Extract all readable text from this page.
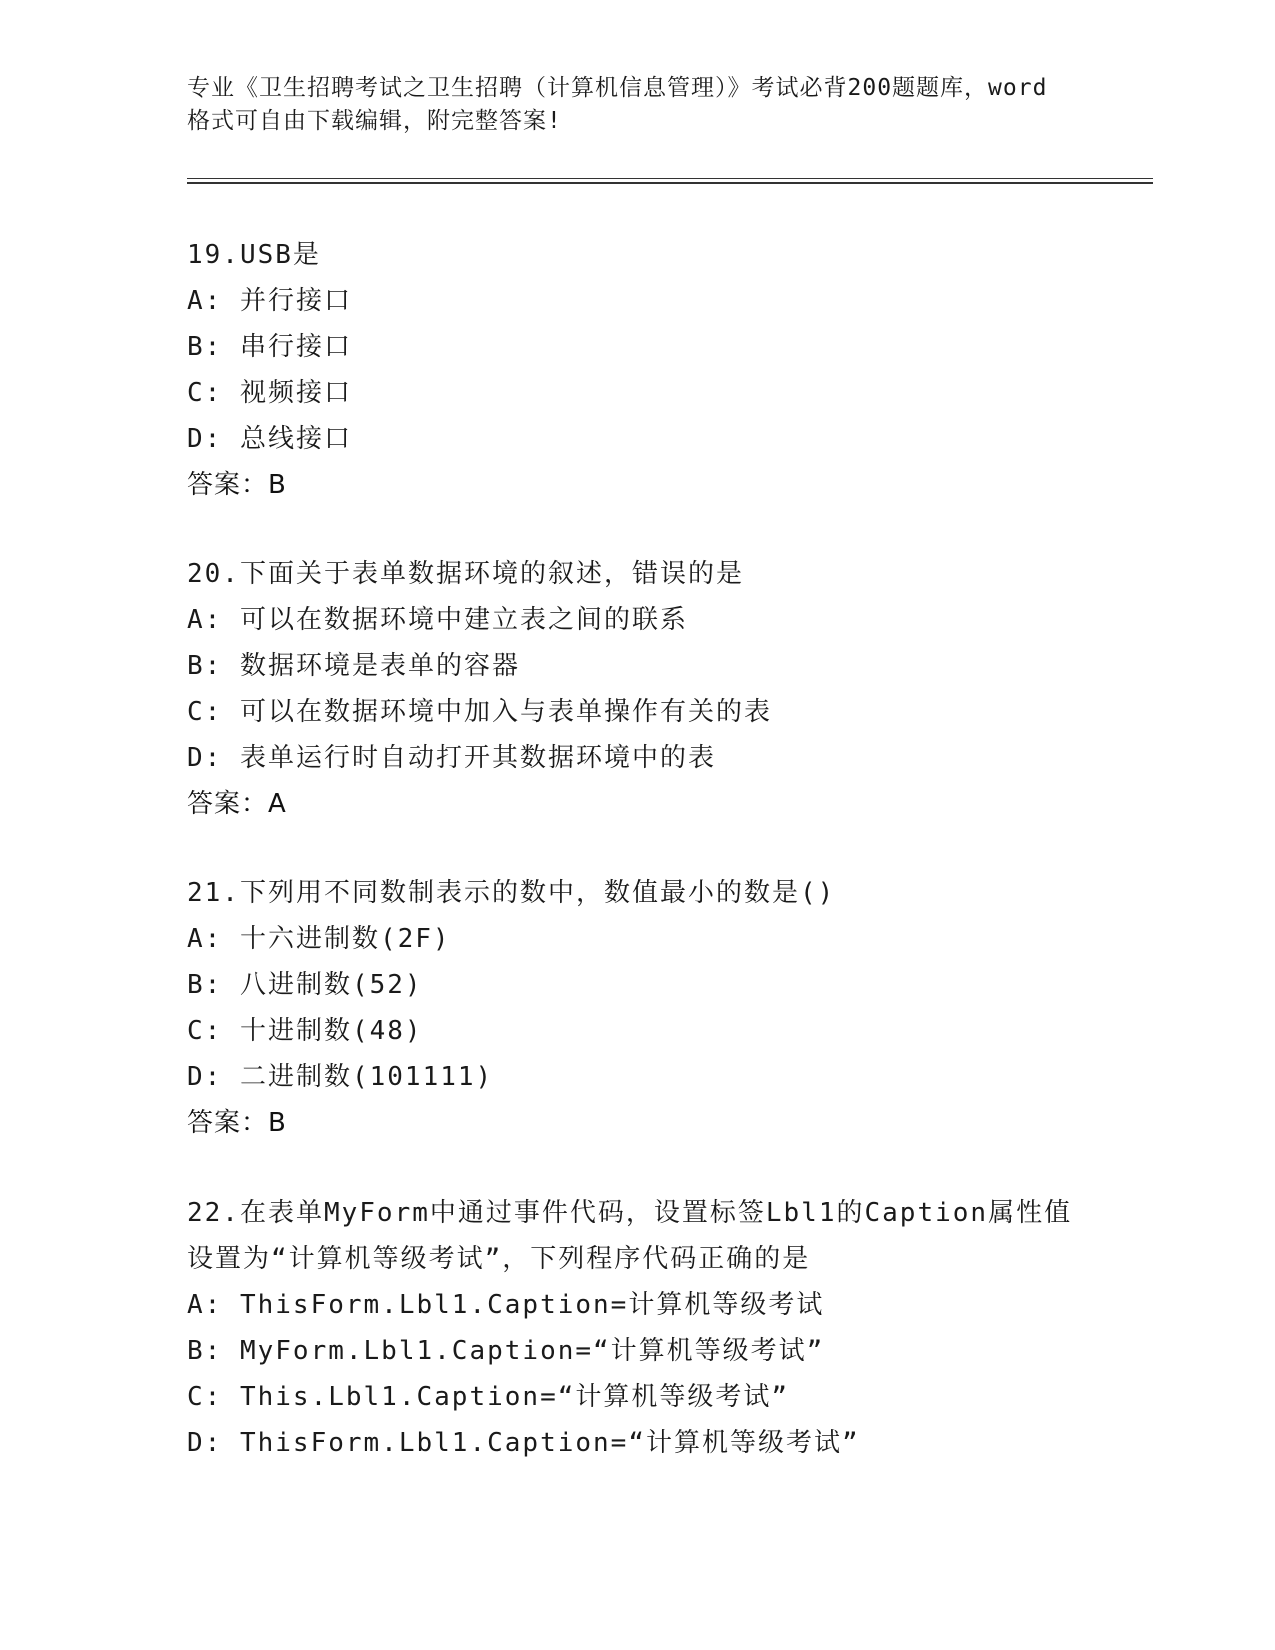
专业《卫生招聘考试之卫生招聘（计算机信息管理）》考试必背200题题库，word
格式可自由下载编辑，附完整答案!
19.USB是
A: 并行接口
B: 串行接口
C: 视频接口
D: 总线接口
答案：B
20.下面关于表单数据环境的叙述，错误的是
A: 可以在数据环境中建立表之间的联系
B: 数据环境是表单的容器
C: 可以在数据环境中加入与表单操作有关的表
D: 表单运行时自动打开其数据环境中的表
答案：A
21.下列用不同数制表示的数中，数值最小的数是()
A: 十六进制数(2F)
B: 八进制数(52)
C: 十进制数(48)
D: 二进制数(101111)
答案：B
22.在表单MyForm中通过事件代码，设置标签Lbl1的Caption属性值
设置为“计算机等级考试”，下列程序代码正确的是
A: ThisForm.Lbl1.Caption=计算机等级考试
B: MyForm.Lbl1.Caption=“计算机等级考试”
C: This.Lbl1.Caption=“计算机等级考试”
D: ThisForm.Lbl1.Caption=“计算机等级考试”
